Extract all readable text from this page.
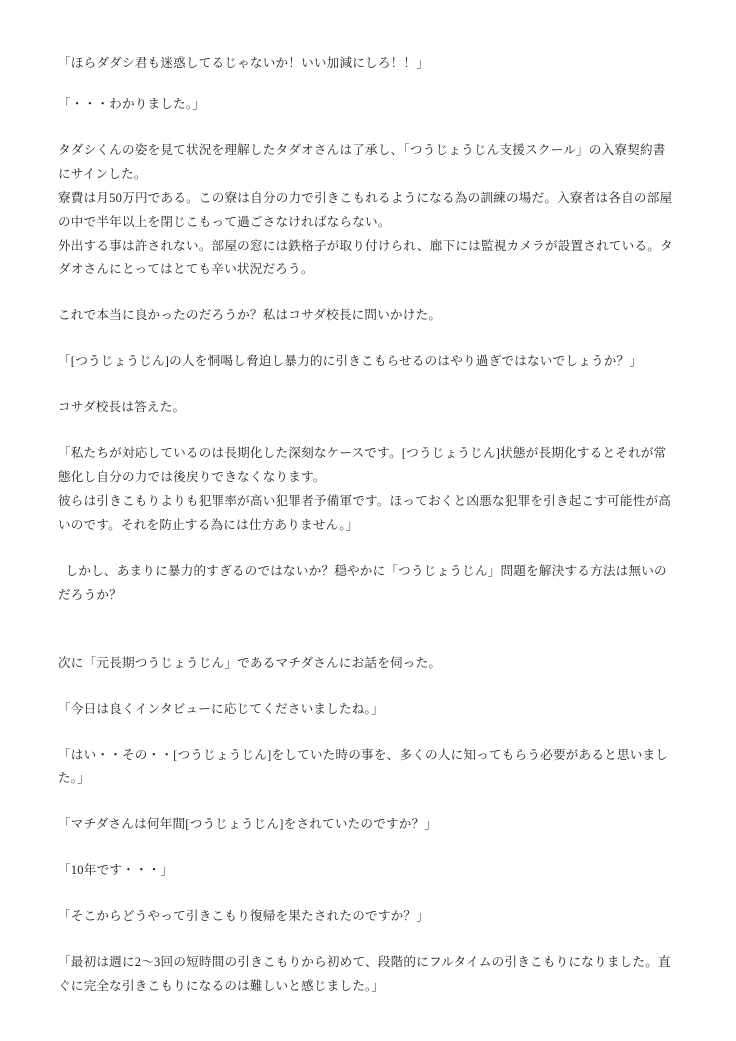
「ほらダダシ君も迷惑してるじゃないか！いい加減にしろ！！」

「・・・わかりました。」

タダシくんの姿を見て状況を理解したタダオさんは了承し、「つうじょうじん支援スクール」の入寮契約書にサインした。

寮費は月50万円である。この寮は自分の力で引きこもれるようになる為の訓練の場だ。入寮者は各自の部屋の中で半年以上を閉じこもって過ごさなければならない。

外出する事は許されない。部屋の窓には鉄格子が取り付けられ、廊下には監視カメラが設置されている。タダオさんにとってはとても辛い状況だろう。

これで本当に良かったのだろうか？私はコサダ校長に問いかけた。

「[つうじょうじん]の人を恫喝し脅迫し暴力的に引きこもらせるのはやり過ぎではないでしょうか？」

コサダ校長は答えた。

「私たちが対応しているのは長期化した深刻なケースです。[つうじょうじん]状態が長期化するとそれが常態化し自分の力では後戻りできなくなります。

彼らは引きこもりよりも犯罪率が高い犯罪者予備軍です。ほっておくと凶悪な犯罪を引き起こす可能性が高いのです。それを防止する為には仕方ありません。」

しかし、あまりに暴力的すぎるのではないか？穏やかに「つうじょうじん」問題を解決する方法は無いのだろうか？

次に「元長期つうじょうじん」であるマチダさんにお話を伺った。

「今日は良くインタビューに応じてくださいましたね。」

「はい・・その・・[つうじょうじん]をしていた時の事を、多くの人に知ってもらう必要があると思いました。」

「マチダさんは何年間[つうじょうじん]をされていたのですか？」

「10年です・・・」

「そこからどうやって引きこもり復帰を果たされたのですか？」

「最初は週に2～3回の短時間の引きこもりから初めて、段階的にフルタイムの引きこもりになりました。直ぐに完全な引きこもりになるのは難しいと感じました。」
